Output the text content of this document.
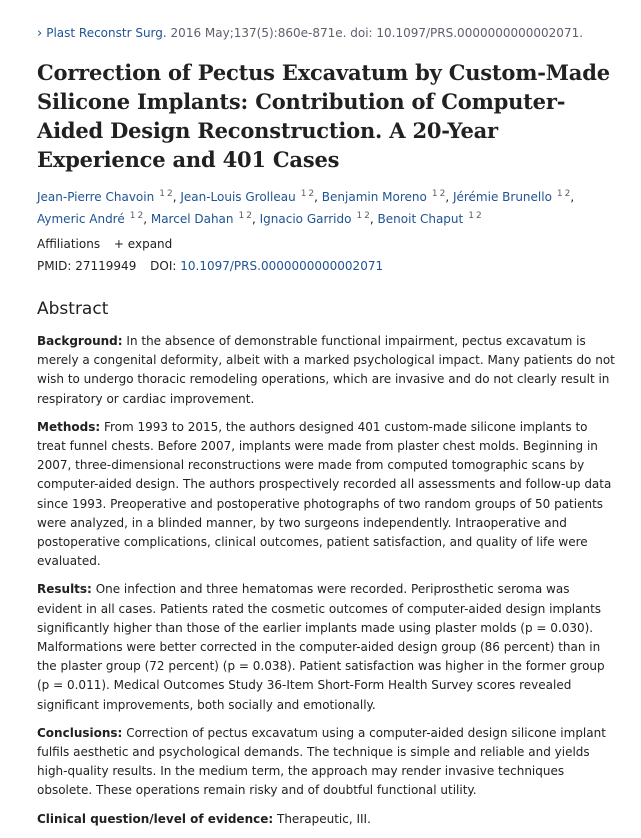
› Plast Reconstr Surg. 2016 May;137(5):860e-871e. doi: 10.1097/PRS.0000000000002071.
Correction of Pectus Excavatum by Custom-Made Silicone Implants: Contribution of Computer-Aided Design Reconstruction. A 20-Year Experience and 401 Cases
Jean-Pierre Chavoin $^{1 2}$, Jean-Louis Grolleau $^{1 2}$, Benjamin Moreno $^{1 2}$, Jérémie Brunello $^{1 2}$, Aymeric André $^{1 2}$, Marcel Dahan $^{1 2}$, Ignacio Garrido $^{1 2}$, Benoit Chaput $^{1 2}$
Affiliations + expand
PMID: 27119949 DOI: 10.1097/PRS.0000000000002071
Abstract

Background: In the absence of demonstrable functional impairment, pectus excavatum is merely a congenital deformity, albeit with a marked psychological impact. Many patients do not wish to undergo thoracic remodeling operations, which are invasive and do not clearly result in respiratory or cardiac improvement.

Methods: From 1993 to 2015, the authors designed 401 custom-made silicone implants to treat funnel chests. Before 2007, implants were made from plaster chest molds. Beginning in 2007, three-dimensional reconstructions were made from computed tomographic scans by computer-aided design. The authors prospectively recorded all assessments and follow-up data since 1993. Preoperative and postoperative photographs of two random groups of 50 patients were analyzed, in a blinded manner, by two surgeons independently. Intraoperative and postoperative complications, clinical outcomes, patient satisfaction, and quality of life were evaluated.

Results: One infection and three hematomas were recorded. Periprosthetic seroma was evident in all cases. Patients rated the cosmetic outcomes of computer-aided design implants significantly higher than those of the earlier implants made using plaster molds (p = 0.030). Malformations were better corrected in the computer-aided design group (86 percent) than in the plaster group (72 percent) (p = 0.038). Patient satisfaction was higher in the former group (p = 0.011). Medical Outcomes Study 36-Item Short-Form Health Survey scores revealed significant improvements, both socially and emotionally.

Conclusions: Correction of pectus excavatum using a computer-aided design silicone implant fulfils aesthetic and psychological demands. The technique is simple and reliable and yields high-quality results. In the medium term, the approach may render invasive techniques obsolete. These operations remain risky and of doubtful functional utility.

Clinical question/level of evidence: Therapeutic, III.
